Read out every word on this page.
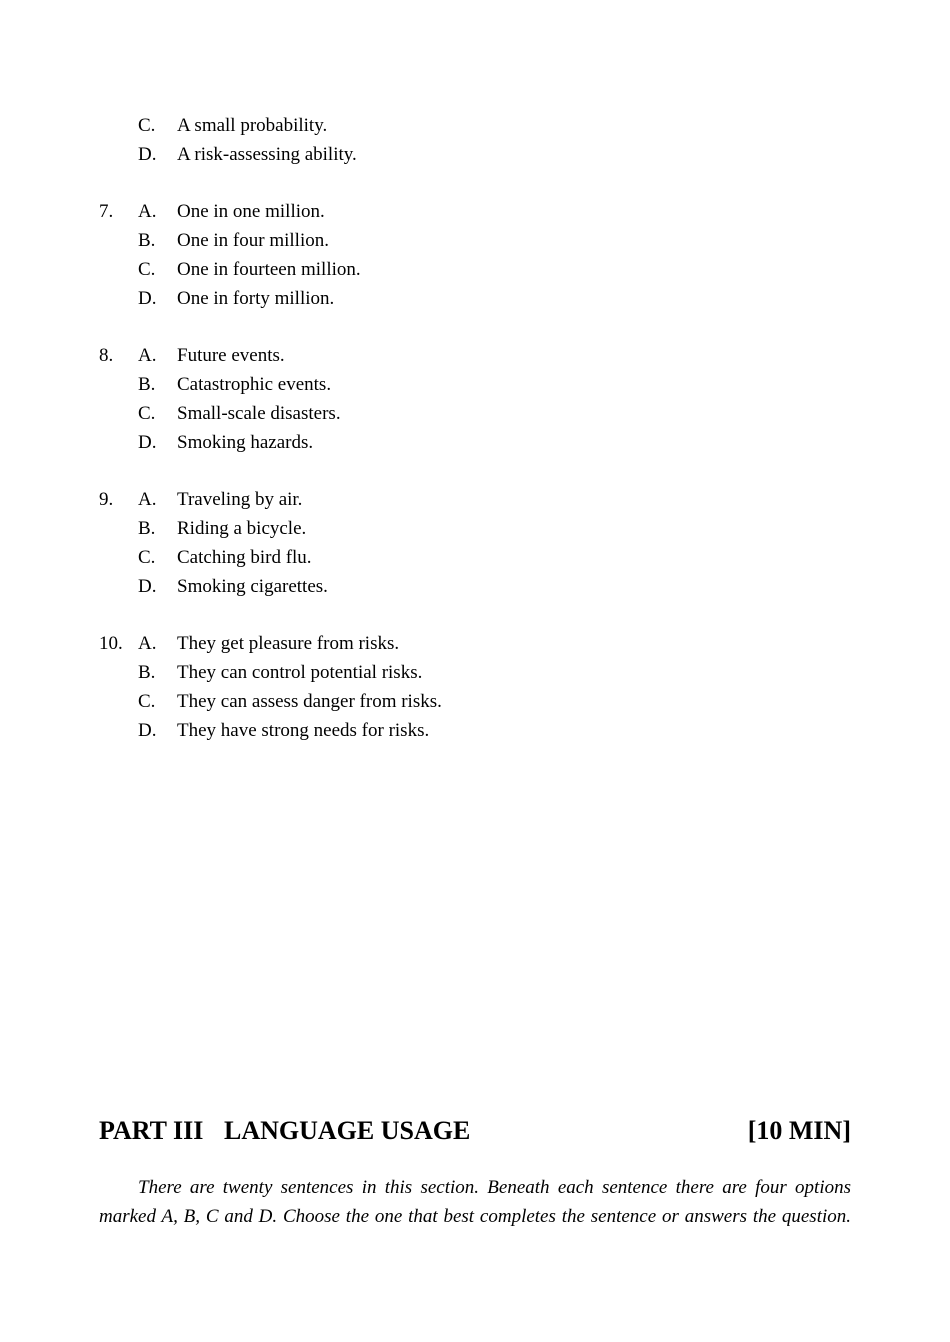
C. A small probability.
D. A risk-assessing ability.
7. A. One in one million.
B. One in four million.
C. One in fourteen million.
D. One in forty million.
8. A. Future events.
B. Catastrophic events.
C. Small-scale disasters.
D. Smoking hazards.
9. A. Traveling by air.
B. Riding a bicycle.
C. Catching bird flu.
D. Smoking cigarettes.
10. A. They get pleasure from risks.
B. They can control potential risks.
C. They can assess danger from risks.
D. They have strong needs for risks.
PART III LANGUAGE USAGE	[10 MIN]

There are twenty sentences in this section. Beneath each sentence there are four options marked A, B, C and D. Choose the one that best completes the sentence or answers the question.
